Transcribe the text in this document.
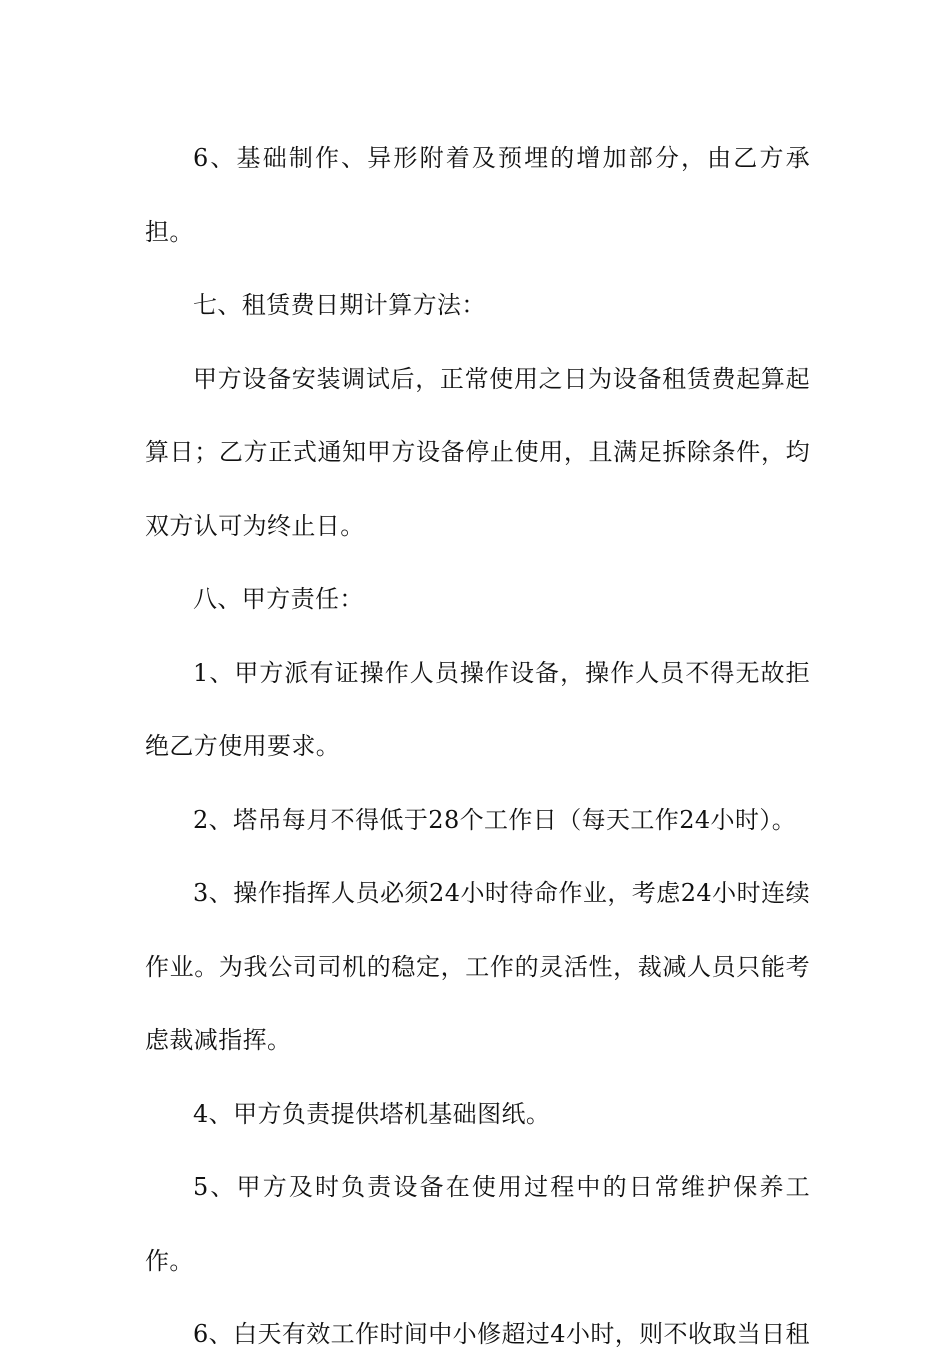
6、基础制作、异形附着及预埋的增加部分，由乙方承担。

七、租赁费日期计算方法：

甲方设备安装调试后，正常使用之日为设备租赁费起算起算日；乙方正式通知甲方设备停止使用，且满足拆除条件，均双方认可为终止日。

八、甲方责任：

1、甲方派有证操作人员操作设备，操作人员不得无故拒绝乙方使用要求。

2、塔吊每月不得低于28个工作日（每天工作24小时）。

3、操作指挥人员必须24小时待命作业，考虑24小时连续作业。为我公司司机的稳定，工作的灵活性，裁减人员只能考虑裁减指挥。

4、甲方负责提供塔机基础图纸。

5、甲方及时负责设备在使用过程中的日常维护保养工作。

6、白天有效工作时间中小修超过4小时，则不收取当日租
